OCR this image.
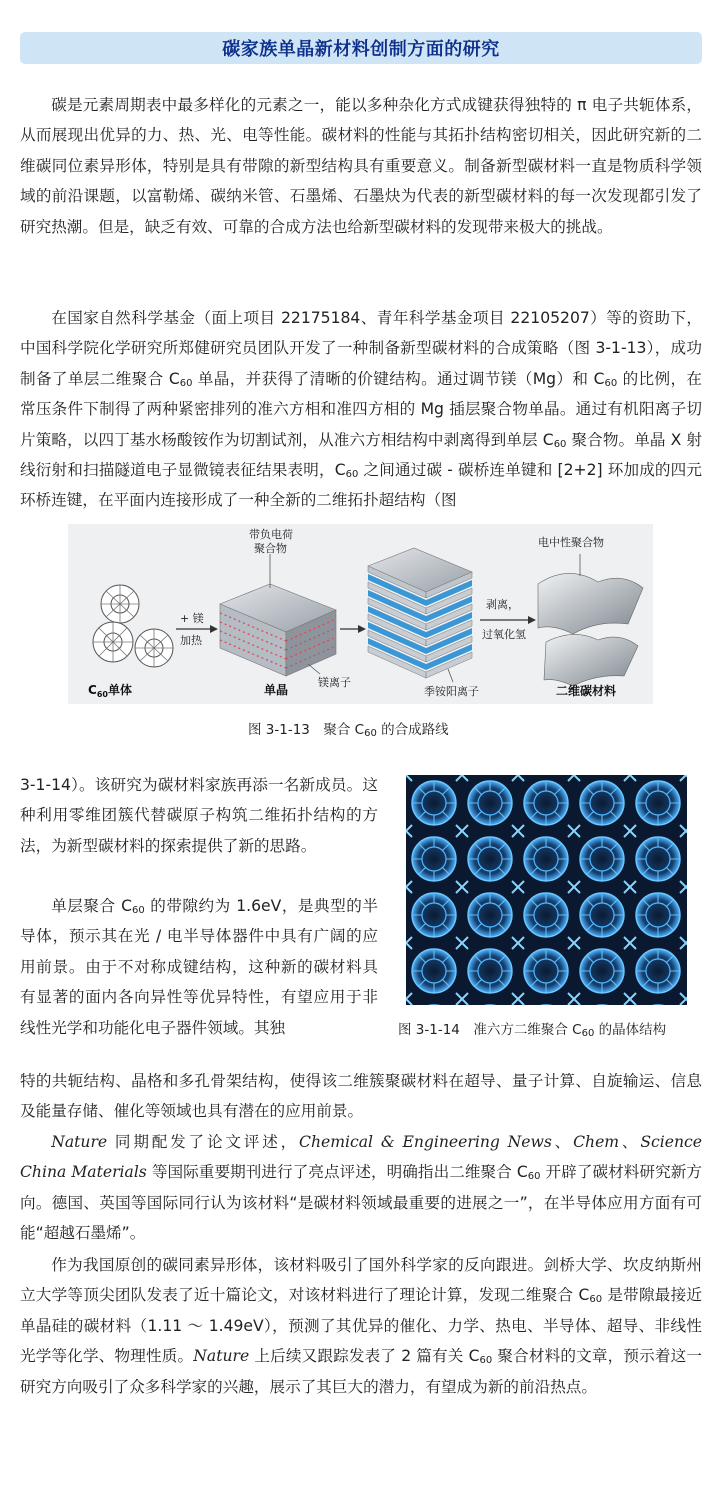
碳家族单晶新材料创制方面的研究

碳是元素周期表中最多样化的元素之一，能以多种杂化方式成键获得独特的 π 电子共轭体系，从而展现出优异的力、热、光、电等性能。碳材料的性能与其拓扑结构密切相关，因此研究新的二维碳同位素异形体，特别是具有带隙的新型结构具有重要意义。制备新型碳材料一直是物质科学领域的前沿课题，以富勒烯、碳纳米管、石墨烯、石墨炔为代表的新型碳材料的每一次发现都引发了研究热潮。但是，缺乏有效、可靠的合成方法也给新型碳材料的发现带来极大的挑战。

在国家自然科学基金（面上项目 22175184、青年科学基金项目 22105207）等的资助下，中国科学院化学研究所郑健研究员团队开发了一种制备新型碳材料的合成策略（图 3-1-13），成功制备了单层二维聚合 $C_{60}$ 单晶，并获得了清晰的价键结构。通过调节镁（Mg）和 $C_{60}$ 的比例，在常压条件下制得了两种紧密排列的准六方相和准四方相的 Mg 插层聚合物单晶。通过有机阳离子切片策略，以四丁基水杨酸铵作为切割试剂，从准六方相结构中剥离得到单层 $C_{60}$ 聚合物。单晶 X 射线衍射和扫描隧道电子显微镜表征结果表明，$C_{60}$ 之间通过碳 - 碳桥连单键和 [2+2] 环加成的四元环桥连键，在平面内连接形成了一种全新的二维拓扑超结构（图

$C_{60}$单体
+ 镁
加热
带负电荷
聚合物
镁离子
单晶	季铵阳离子
剥离，
过氧化氢
电中性聚合物
二维碳材料
图 3-1-13　聚合 $C_{60}$ 的合成路线

3-1-14）。该研究为碳材料家族再添一名新成员。这种利用零维团簇代替碳原子构筑二维拓扑结构的方法，为新型碳材料的探索提供了新的思路。

单层聚合 $C_{60}$ 的带隙约为 1.6eV，是典型的半导体，预示其在光 / 电半导体器件中具有广阔的应用前景。由于不对称成键结构，这种新的碳材料具有显著的面内各向异性等优异特性，有望应用于非线性光学和功能化电子器件领域。其独	图 3-1-14　准六方二维聚合 $C_{60}$ 的晶体结构

特的共轭结构、晶格和多孔骨架结构，使得该二维簇聚碳材料在超导、量子计算、自旋输运、信息及能量存储、催化等领域也具有潜在的应用前景。

Nature 同期配发了论文评述，Chemical & Engineering News、Chem、Science China Materials 等国际重要期刊进行了亮点评述，明确指出二维聚合 $C_{60}$ 开辟了碳材料研究新方向。德国、英国等国际同行认为该材料“是碳材料领域最重要的进展之一”，在半导体应用方面有可能“超越石墨烯”。

作为我国原创的碳同素异形体，该材料吸引了国外科学家的反向跟进。剑桥大学、坎皮纳斯州立大学等顶尖团队发表了近十篇论文，对该材料进行了理论计算，发现二维聚合 $C_{60}$ 是带隙最接近单晶硅的碳材料（1.11 ～ 1.49eV），预测了其优异的催化、力学、热电、半导体、超导、非线性光学等化学、物理性质。Nature 上后续又跟踪发表了 2 篇有关 $C_{60}$ 聚合材料的文章，预示着这一研究方向吸引了众多科学家的兴趣，展示了其巨大的潜力，有望成为新的前沿热点。
